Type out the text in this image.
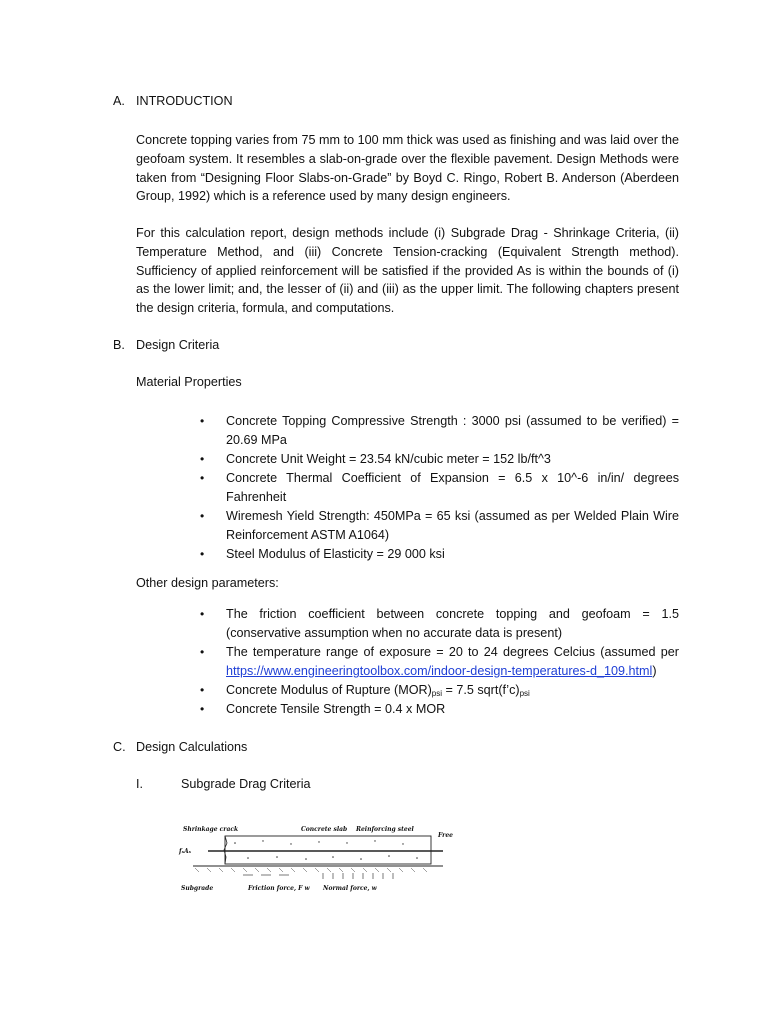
A. INTRODUCTION
Concrete topping varies from 75 mm to 100 mm thick was used as finishing and was laid over the
geofoam system. It resembles a slab-on-grade over the flexible pavement. Design Methods were
taken from “Designing Floor Slabs-on-Grade” by Boyd C. Ringo, Robert B. Anderson (Aberdeen
Group, 1992) which is a reference used by many design engineers.
For this calculation report, design methods include (i) Subgrade Drag - Shrinkage Criteria, (ii)
Temperature Method, and (iii) Concrete Tension-cracking (Equivalent Strength method).
Sufficiency of applied reinforcement will be satisfied if the provided As is within the bounds of (i)
as the lower limit; and, the lesser of (ii) and (iii) as the upper limit. The following chapters present
the design criteria, formula, and computations.
B. Design Criteria
Material Properties
• Concrete Topping Compressive Strength : 3000 psi (assumed to be verified) =
20.69 MPa
• Concrete Unit Weight = 23.54 kN/cubic meter = 152 lb/ft^3
• Concrete Thermal Coefficient of Expansion = 6.5 x 10^-6 in/in/ degrees
Fahrenheit
• Wiremesh Yield Strength: 450MPa = 65 ksi (assumed as per Welded Plain Wire
Reinforcement ASTM A1064)
• Steel Modulus of Elasticity = 29 000 ksi
Other design parameters:
• The friction coefficient between concrete topping and geofoam = 1.5
(conservative assumption when no accurate data is present)
• The temperature range of exposure = 20 to 24 degrees Celcius (assumed per
https://www.engineeringtoolbox.com/indoor-design-temperatures-d_109.html)
• Concrete Modulus of Rupture $(MOR)_{psi} = 7.5$ $sqrt(f’c)_{psi}$
• Concrete Tensile Strength = 0.4 x MOR
C. Design Calculations
I.	Subgrade Drag Criteria
Shrinkage crack	Concrete slab Reinforcing steel
Free
fₛAₛ
Subgrade	Friction force, F w Normal force, w
